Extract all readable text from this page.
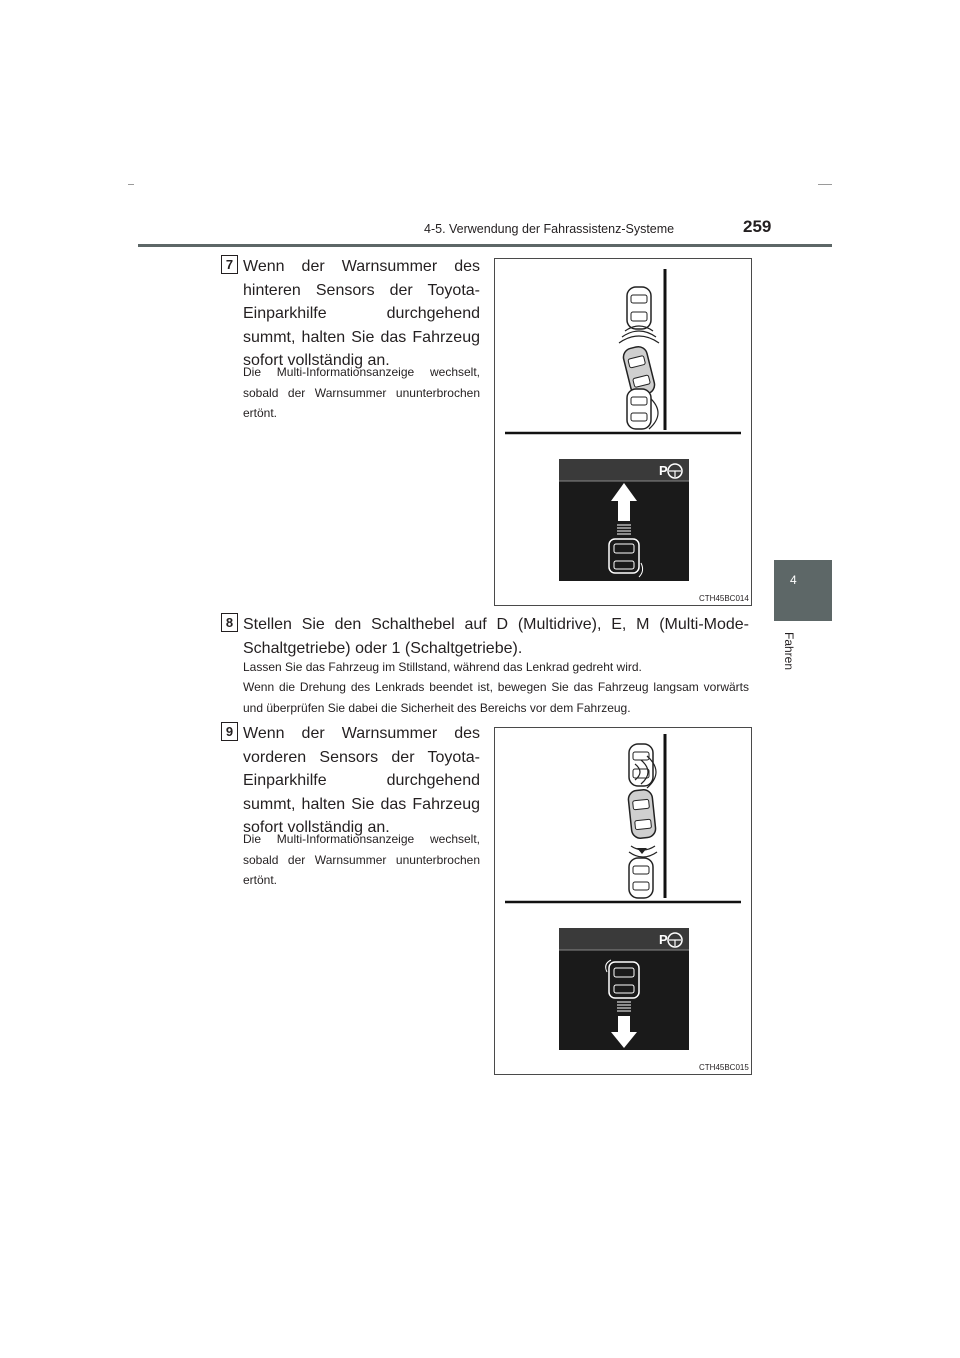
4-5. Verwendung der Fahrassistenz-Systeme	259
4
Fahren
7 Wenn der Warnsummer des hinteren Sensors der Toyota-Einparkhilfe durchgehend summt, halten Sie das Fahrzeug sofort vollständig an.
Die Multi-Informationsanzeige wechselt, sobald der Warnsummer ununterbrochen ertönt.
P
CTH45BC014
8 Stellen Sie den Schalthebel auf D (Multidrive), E, M (Multi-Mode-Schaltgetriebe) oder 1 (Schaltgetriebe).
Lassen Sie das Fahrzeug im Stillstand, während das Lenkrad gedreht wird.
Wenn die Drehung des Lenkrads beendet ist, bewegen Sie das Fahrzeug langsam vorwärts und überprüfen Sie dabei die Sicherheit des Bereichs vor dem Fahrzeug.
9 Wenn der Warnsummer des vorderen Sensors der Toyota-Einparkhilfe durchgehend summt, halten Sie das Fahrzeug sofort vollständig an.
Die Multi-Informationsanzeige wechselt, sobald der Warnsummer ununterbrochen ertönt.
P
CTH45BC015
